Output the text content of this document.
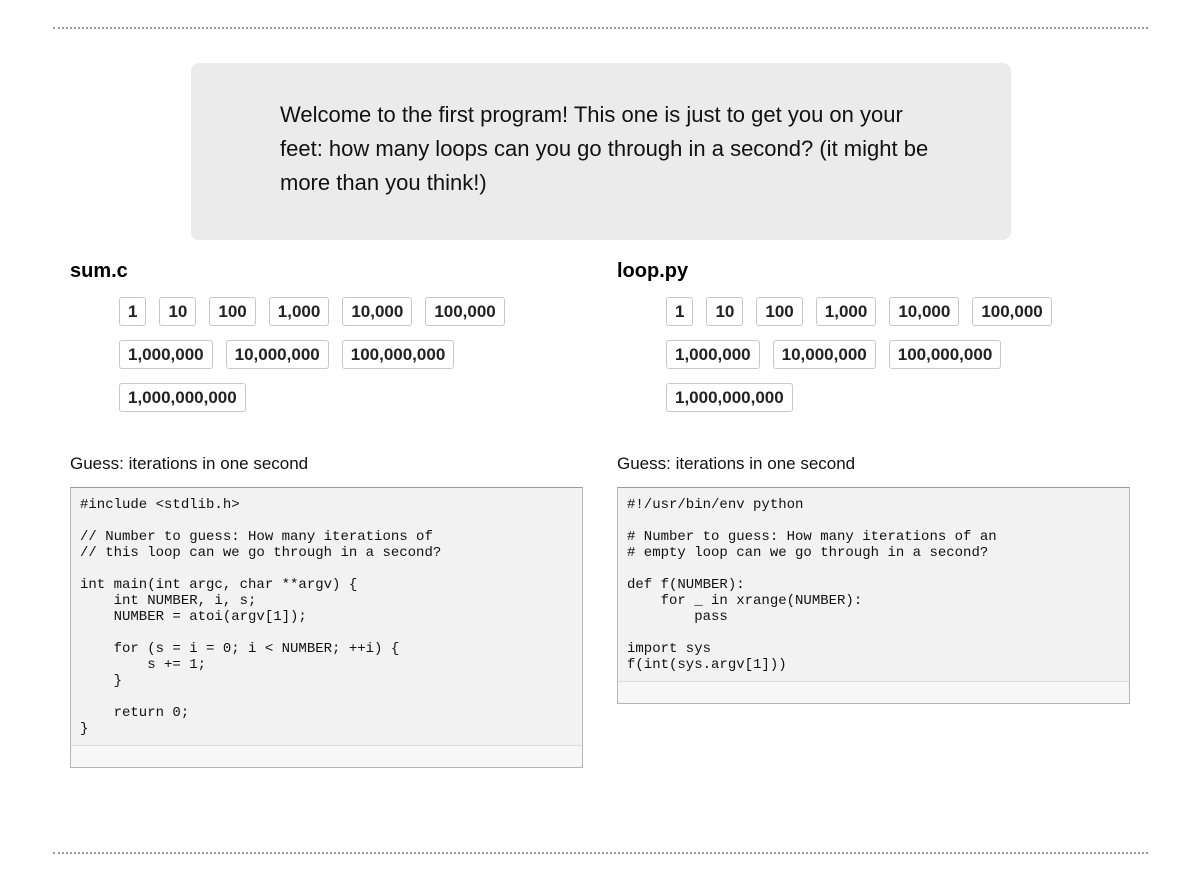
Welcome to the first program! This one is just to get you on your feet: how many loops can you go through in a second? (it might be more than you think!)
sum.c
1	10	100	1,000	10,000	100,000
1,000,000	10,000,000	100,000,000
1,000,000,000
Guess: iterations in one second
#include <stdlib.h>

// Number to guess: How many iterations of
// this loop can we go through in a second?

int main(int argc, char **argv) {
int NUMBER, i, s;
NUMBER = atoi(argv[1]);

for (s = i = 0; i < NUMBER; ++i) {
s += 1;
}

return 0;
}
loop.py
1	10	100	1,000	10,000	100,000
1,000,000	10,000,000	100,000,000
1,000,000,000
Guess: iterations in one second
#!/usr/bin/env python

# Number to guess: How many iterations of an
# empty loop can we go through in a second?

def f(NUMBER):
for _ in xrange(NUMBER):
pass

import sys
f(int(sys.argv[1]))
